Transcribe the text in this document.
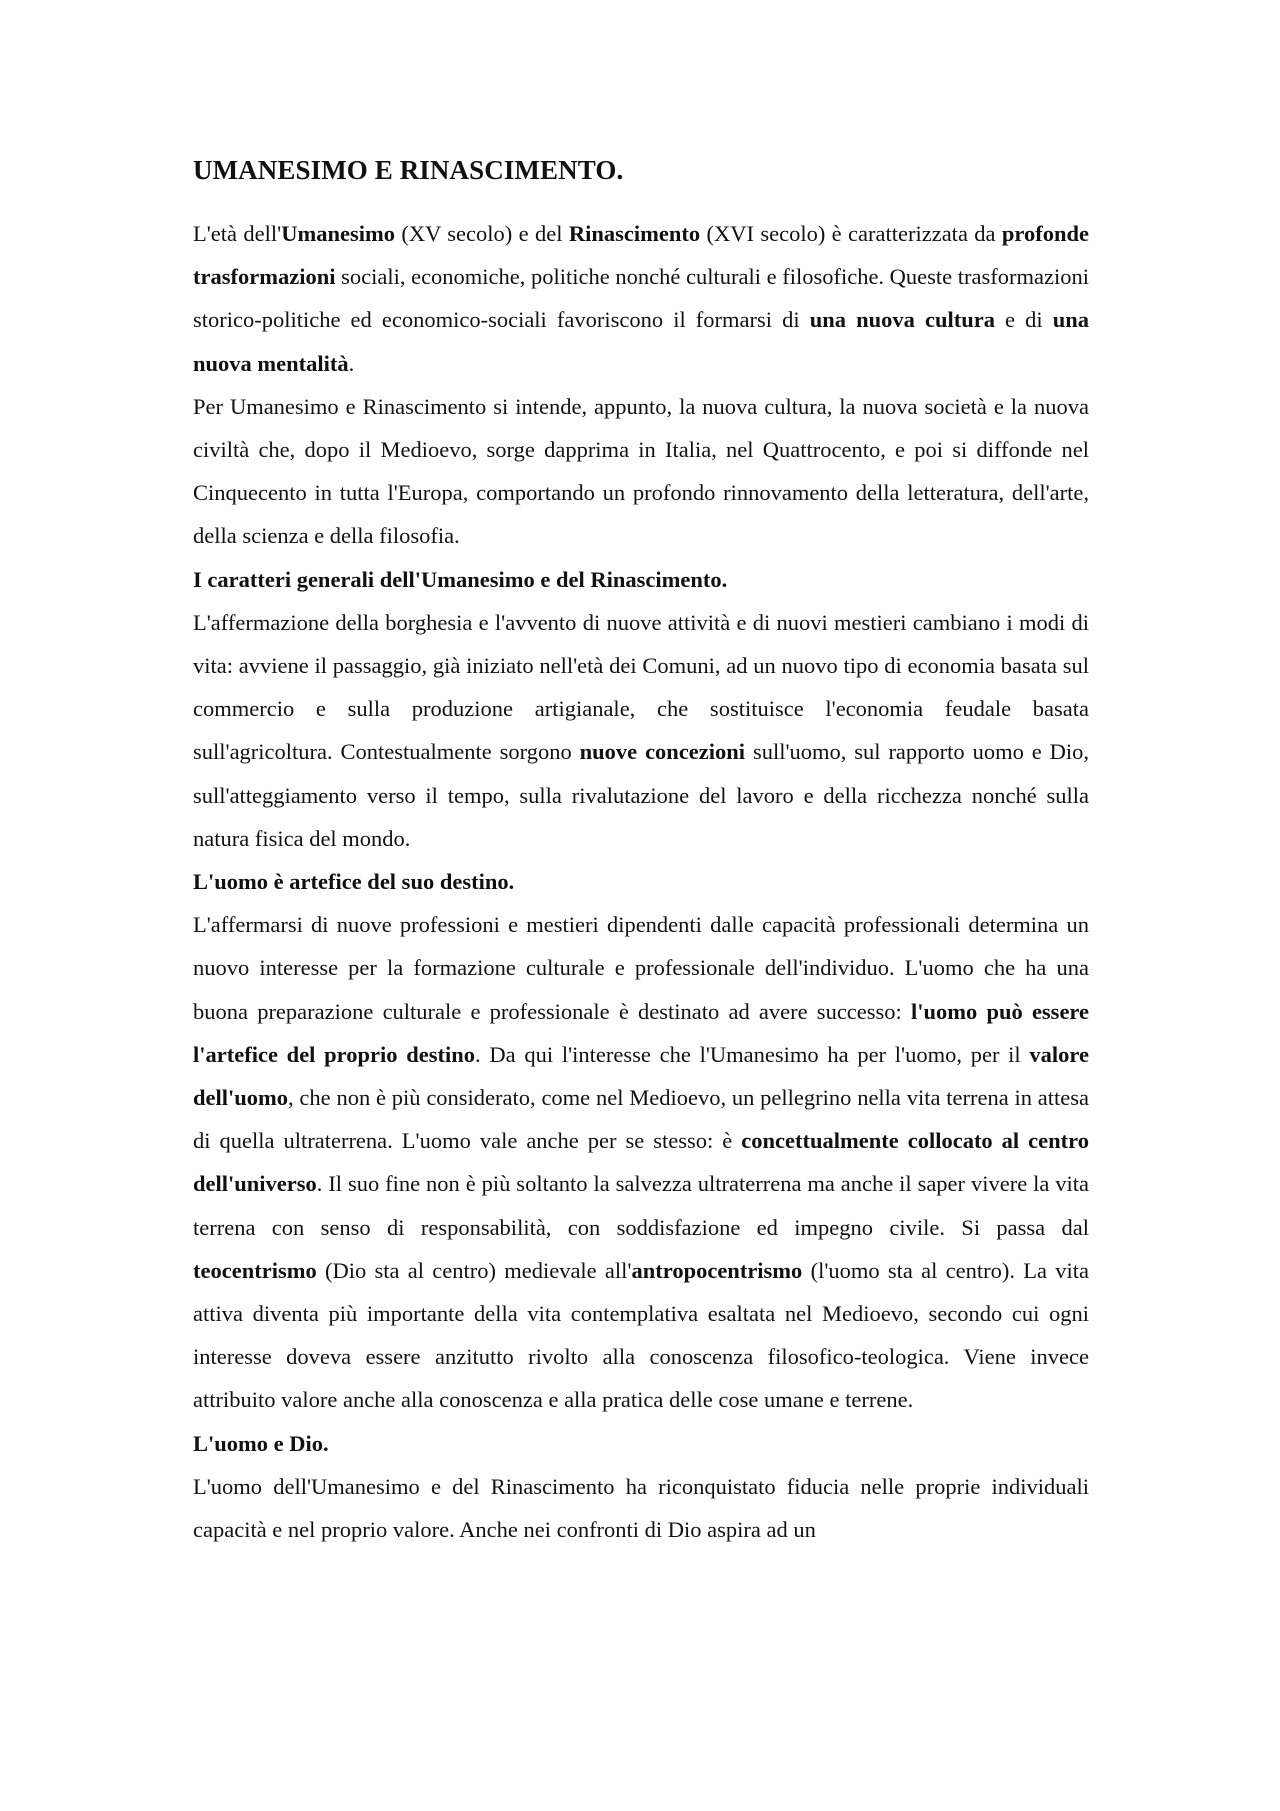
UMANESIMO E RINASCIMENTO.

L'età dell'Umanesimo (XV secolo) e del Rinascimento (XVI secolo) è caratterizzata da profonde trasformazioni sociali, economiche, politiche nonché culturali e filosofiche. Queste trasformazioni storico-politiche ed economico-sociali favoriscono il formarsi di una nuova cultura e di una nuova mentalità.

Per Umanesimo e Rinascimento si intende, appunto, la nuova cultura, la nuova società e la nuova civiltà che, dopo il Medioevo, sorge dapprima in Italia, nel Quattrocento, e poi si diffonde nel Cinquecento in tutta l'Europa, comportando un profondo rinnovamento della letteratura, dell'arte, della scienza e della filosofia.

I caratteri generali dell'Umanesimo e del Rinascimento.

L'affermazione della borghesia e l'avvento di nuove attività e di nuovi mestieri cambiano i modi di vita: avviene il passaggio, già iniziato nell'età dei Comuni, ad un nuovo tipo di economia basata sul commercio e sulla produzione artigianale, che sostituisce l'economia feudale basata sull'agricoltura. Contestualmente sorgono nuove concezioni sull'uomo, sul rapporto uomo e Dio, sull'atteggiamento verso il tempo, sulla rivalutazione del lavoro e della ricchezza nonché sulla natura fisica del mondo.

L'uomo è artefice del suo destino.

L'affermarsi di nuove professioni e mestieri dipendenti dalle capacità professionali determina un nuovo interesse per la formazione culturale e professionale dell'individuo. L'uomo che ha una buona preparazione culturale e professionale è destinato ad avere successo: l'uomo può essere l'artefice del proprio destino. Da qui l'interesse che l'Umanesimo ha per l'uomo, per il valore dell'uomo, che non è più considerato, come nel Medioevo, un pellegrino nella vita terrena in attesa di quella ultraterrena. L'uomo vale anche per se stesso: è concettualmente collocato al centro dell'universo. Il suo fine non è più soltanto la salvezza ultraterrena ma anche il saper vivere la vita terrena con senso di responsabilità, con soddisfazione ed impegno civile. Si passa dal teocentrismo (Dio sta al centro) medievale all'antropocentrismo (l'uomo sta al centro). La vita attiva diventa più importante della vita contemplativa esaltata nel Medioevo, secondo cui ogni interesse doveva essere anzitutto rivolto alla conoscenza filosofico-teologica. Viene invece attribuito valore anche alla conoscenza e alla pratica delle cose umane e terrene.

L'uomo e Dio.

L'uomo dell'Umanesimo e del Rinascimento ha riconquistato fiducia nelle proprie individuali capacità e nel proprio valore. Anche nei confronti di Dio aspira ad un
